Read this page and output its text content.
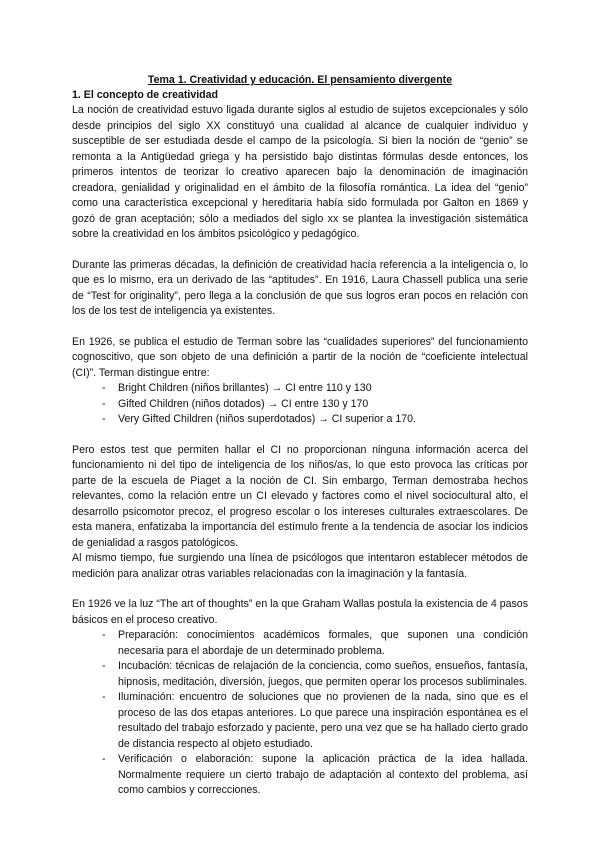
Tema 1. Creatividad y educación. El pensamiento divergente

1. El concepto de creatividad

La noción de creatividad estuvo ligada durante siglos al estudio de sujetos excepcionales y sólo desde principios del siglo XX constituyó una cualidad al alcance de cualquier individuo y susceptible de ser estudiada desde el campo de la psicología. Si bien la noción de “genio” se remonta a la Antigüedad griega y ha persistido bajo distintas fórmulas desde entonces, los primeros intentos de teorizar lo creativo aparecen bajo la denominación de imaginación creadora, genialidad y originalidad en el ámbito de la filosofía romántica. La idea del “genio” como una característica excepcional y hereditaria había sido formulada por Galton en 1869 y gozó de gran aceptación; sólo a mediados del siglo xx se plantea la investigación sistemática sobre la creatividad en los ámbitos psicológico y pedagógico.

Durante las primeras décadas, la definición de creatividad hacía referencia a la inteligencia o, lo que es lo mismo, era un derivado de las “aptitudes”. En 1916, Laura Chassell publica una serie de “Test for originality”, pero llega a la conclusión de que sus logros eran pocos en relación con los de los test de inteligencia ya existentes.

En 1926, se publica el estudio de Terman sobre las “cualidades superiores” del funcionamiento cognoscitivo, que son objeto de una definición a partir de la noción de “coeficiente intelectual (CI)”. Terman distingue entre:

- Bright Children (niños brillantes) → CI entre 110 y 130
- Gifted Children (niños dotados) → CI entre 130 y 170
- Very Gifted Children (niños superdotados) → CI superior a 170.

Pero estos test que permiten hallar el CI no proporcionan ninguna información acerca del funcionamiento ni del tipo de inteligencia de los niños/as, lo que esto provoca las críticas por parte de la escuela de Piaget a la noción de CI. Sin embargo, Terman demostraba hechos relevantes, como la relación entre un CI elevado y factores como el nivel sociocultural alto, el desarrollo psicomotor precoz, el progreso escolar o los intereses culturales extraescolares. De esta manera, enfatizaba la importancia del estímulo frente a la tendencia de asociar los indicios de genialidad a rasgos patológicos.

Al mismo tiempo, fue surgiendo una línea de psicólogos que intentaron establecer métodos de medición para analizar otras variables relacionadas con la imaginación y la fantasía.

En 1926 ve la luz “The art of thoughts” en la que Graham Wallas postula la existencia de 4 pasos básicos en el proceso creativo.

- Preparación: conocimientos académicos formales, que suponen una condición necesaria para el abordaje de un determinado problema.
- Incubación: técnicas de relajación de la conciencia, como sueños, ensueños, fantasía, hipnosis, meditación, diversión, juegos, que permiten operar los procesos subliminales.
- Iluminación: encuentro de soluciones que no provienen de la nada, sino que es el proceso de las dos etapas anteriores. Lo que parece una inspiración espontánea es el resultado del trabajo esforzado y paciente, pero una vez que se ha hallado cierto grado de distancia respecto al objeto estudiado.
- Verificación o elaboración: supone la aplicación práctica de la idea hallada. Normalmente requiere un cierto trabajo de adaptación al contexto del problema, así como cambios y correcciones.
